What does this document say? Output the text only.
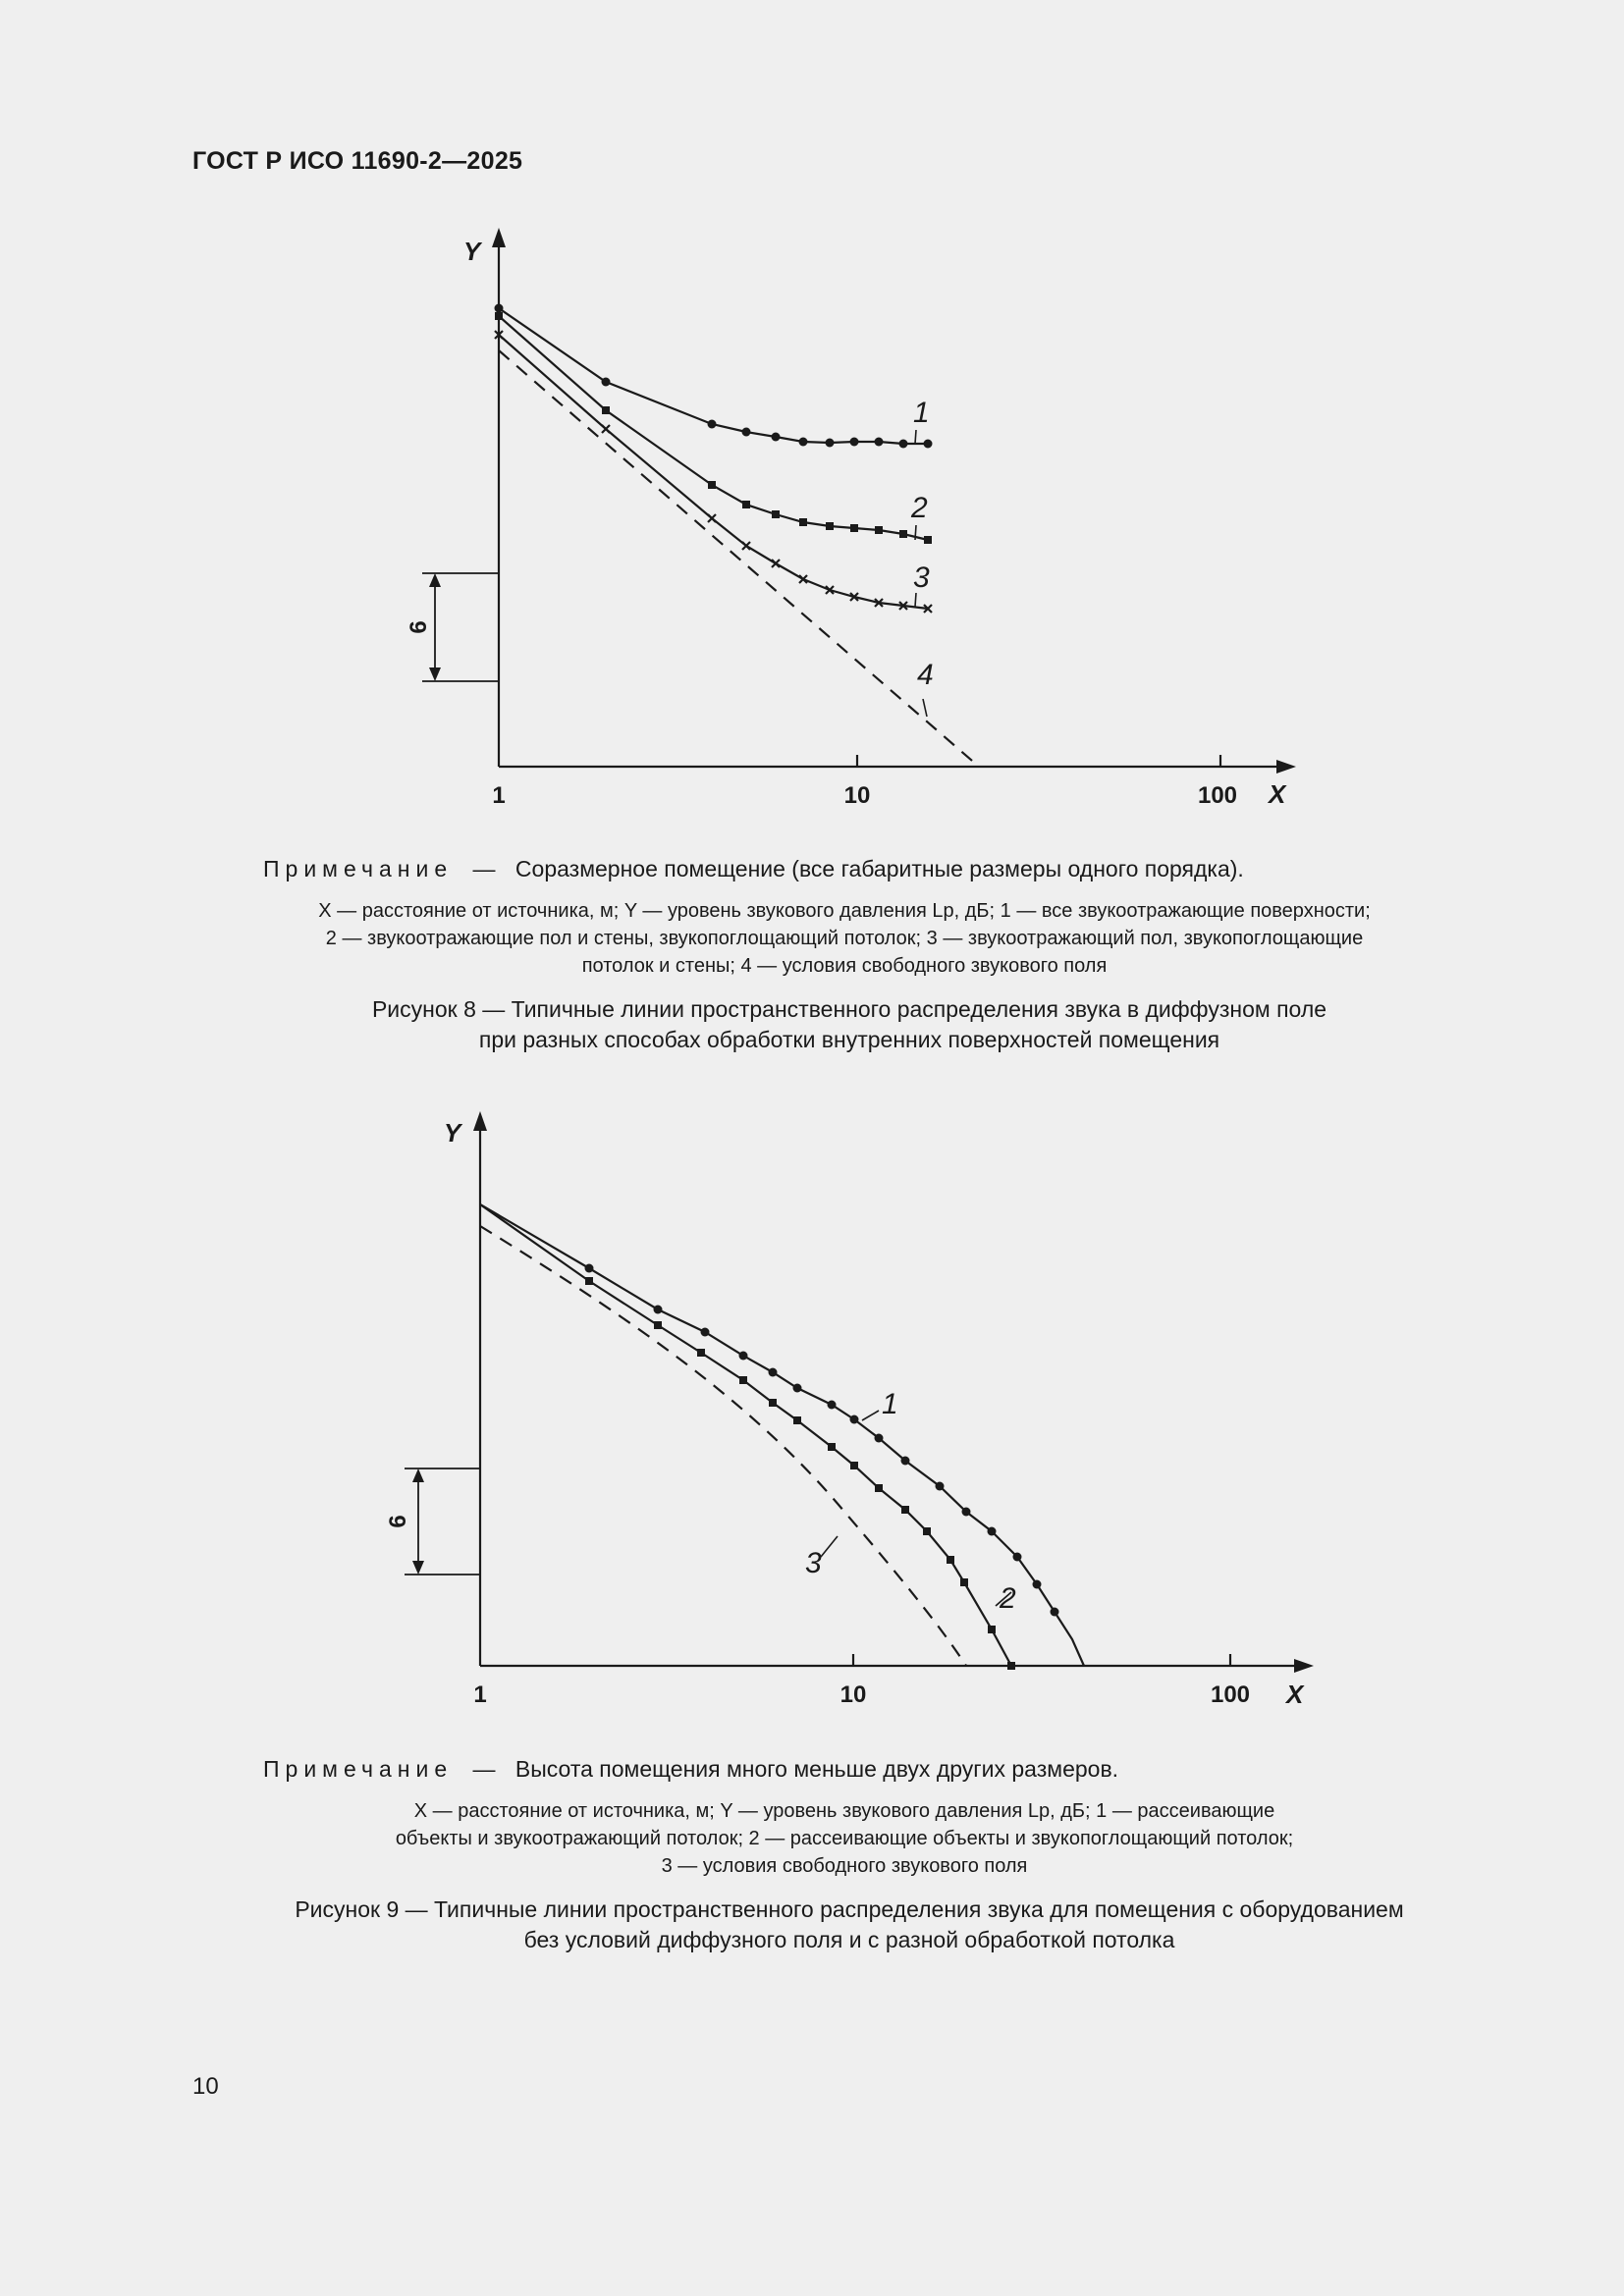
ГОСТ Р ИСО 11690-2—2025
Y
X
1	10	100
6
1
2
3
4
Примечание — Соразмерное помещение (все габаритные размеры одного порядка).
X — расстояние от источника, м; Y — уровень звукового давления Lp, дБ; 1 — все звукоотражающие поверхности;
2 — звукоотражающие пол и стены, звукопоглощающий потолок; 3 — звукоотражающий пол, звукопоглощающие
потолок и стены; 4 — условия свободного звукового поля
Рисунок 8 — Типичные линии пространственного распределения звука в диффузном поле
при разных способах обработки внутренних поверхностей помещения
Y
X
1	10	100
6
1
2
3
Примечание — Высота помещения много меньше двух других размеров.
X — расстояние от источника, м; Y — уровень звукового давления Lp, дБ; 1 — рассеивающие
объекты и звукоотражающий потолок; 2 — рассеивающие объекты и звукопоглощающий потолок;
3 — условия свободного звукового поля
Рисунок 9 — Типичные линии пространственного распределения звука для помещения с оборудованием
без условий диффузного поля и с разной обработкой потолка
10
